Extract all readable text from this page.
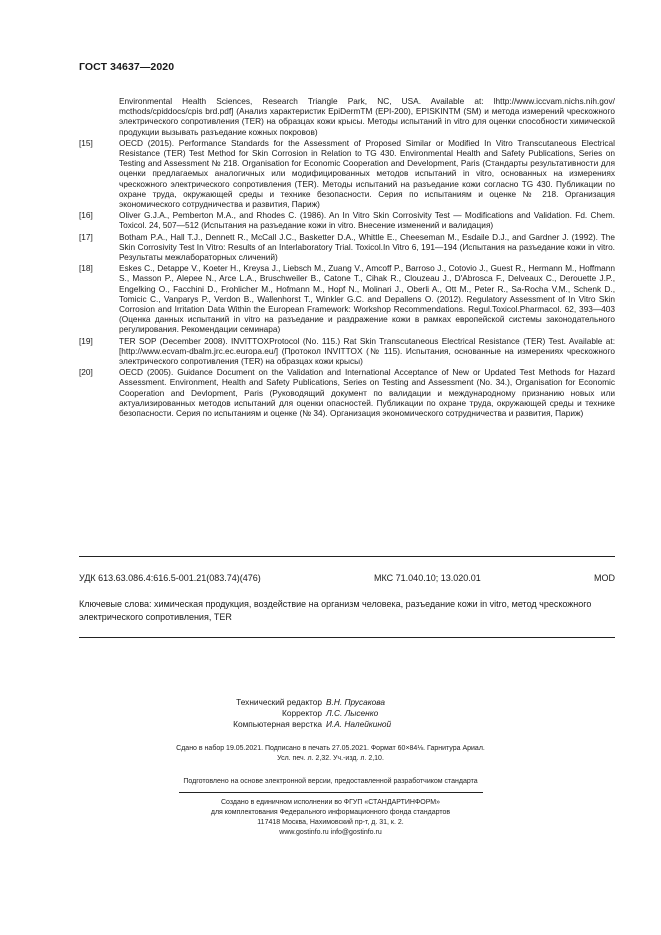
ГОСТ 34637—2020
Environmental Health Sciences, Research Triangle Park, NC, USA. Available at: lhttp://www.iccvam.nichs.nih.gov/ mcthods/cpiddocs/cpis brd.pdf] (Анализ характеристик EpiDermTM (EPI-200), EPISKINTM (SM) и метода измерений чрескожного электрического сопротивления (TER) на образцах кожи крысы. Методы испытаний in vitro для оценки способности химической продукции вызывать разъедание кожных покровов)
[15]	OECD (2015). Performance Standards for the Assessment of Proposed Similar or Modified In Vitro Transcutaneous Electrical Resistance (TER) Test Method for Skin Corrosion in Relation to TG 430. Environmental Health and Safety Publications, Series on Testing and Assessment № 218. Organisation for Economic Cooperation and Development, Paris (Стандарты результативности для оценки предлагаемых аналогичных или модифицированных методов испытаний in vitro, основанных на измерениях чрескожного электрического сопротивления (TER). Методы испытаний на разъедание кожи согласно TG 430. Публикации по охране труда, окружающей среды и технике безопасности. Серия по испытаниям и оценке № 218. Организация экономического сотрудничества и развития, Париж)
[16]	Oliver G.J.A., Pemberton M.A., and Rhodes C. (1986). An In Vitro Skin Corrosivity Test — Modifications and Validation. Fd. Chem. Toxicol. 24, 507—512 (Испытания на разъедание кожи in vitro. Внесение изменений и валидация)
[17]	Botham P.A., Hall T.J., Dennett R., McCall J.C., Basketter D.A., Whittle E., Cheeseman M., Esdaile D.J., and Gardner J. (1992). The Skin Corrosivity Test In Vitro: Results of an Interlaboratory Trial. Toxicol.In Vitro 6, 191—194 (Испытания на разъедание кожи in vitro. Результаты межлабораторных сличений)
[18]	Eskes C., Detappe V., Koeter H., Kreysa J., Liebsch M., Zuang V., Amcoff P., Barroso J., Cotovio J., Guest R., Hermann M., Hoffmann S., Masson P., Alepee N., Arce L.A., Bruschweiler B., Catone T., Cihak R., Clouzeau J., D'Abrosca F., Delveaux C., Derouette J.P., Engelking O., Facchini D., Frohlicher M., Hofmann M., Hopf N., Molinari J., Oberli A., Ott M., Peter R., Sa-Rocha V.M., Schenk D., Tomicic C., Vanparys P., Verdon B., Wallenhorst T., Winkler G.C. and Depallens O. (2012). Regulatory Assessment of In Vitro Skin Corrosion and Irritation Data Within the European Framework: Workshop Recommendations. Regul.Toxicol.Pharmacol. 62, 393—403 (Оценка данных испытаний in vitro на разъедание и раздражение кожи в рамках европейской системы законодательного регулирования. Рекомендации семинара)
[19]	TER SOP (December 2008). INVITTOXProtocol (No. 115.) Rat Skin Transcutaneous Electrical Resistance (TER) Test. Available at: [http://www.ecvam-dbalm.jrc.ec.europa.eu/] (Протокол INVITTOX (№ 115). Испытания, основанные на измерениях чрескожного электрического сопротивления (TER) на образцах кожи крысы)
[20]	OECD (2005). Guidance Document on the Validation and International Acceptance of New or Updated Test Methods for Hazard Assessment. Environment, Health and Safety Publications, Series on Testing and Assessment (No. 34.), Organisation for Economic Cooperation and Devlopment, Paris (Руководящий документ по валидации и международному признанию новых или актуализированных методов испытаний для оценки опасностей. Публикации по охране труда, окружающей среды и технике безопасности. Серия по испытаниям и оценке (№ 34). Организация экономического сотрудничества и развития, Париж)
УДК 613.63.086.4:616.5-001.21(083.74)(476)	МКС 71.040.10; 13.020.01	MOD
Ключевые слова: химическая продукция, воздействие на организм человека, разъедание кожи in vitro, метод чрескожного электрического сопротивления, TER
Технический редактор В.Н. Прусакова
Корректор Л.С. Лысенко
Компьютерная верстка И.А. Налейкиной
Сдано в набор 19.05.2021. Подписано в печать 27.05.2021. Формат 60×84⅛. Гарнитура Ариал.
Усл. печ. л. 2,32. Уч.-изд. л. 2,10.
Подготовлено на основе электронной версии, предоставленной разработчиком стандарта
Создано в единичном исполнении во ФГУП «СТАНДАРТИНФОРМ»
для комплектования Федерального информационного фонда стандартов
117418 Москва, Нахимовский пр-т, д. 31, к. 2.
www.gostinfo.ru info@gostinfo.ru
